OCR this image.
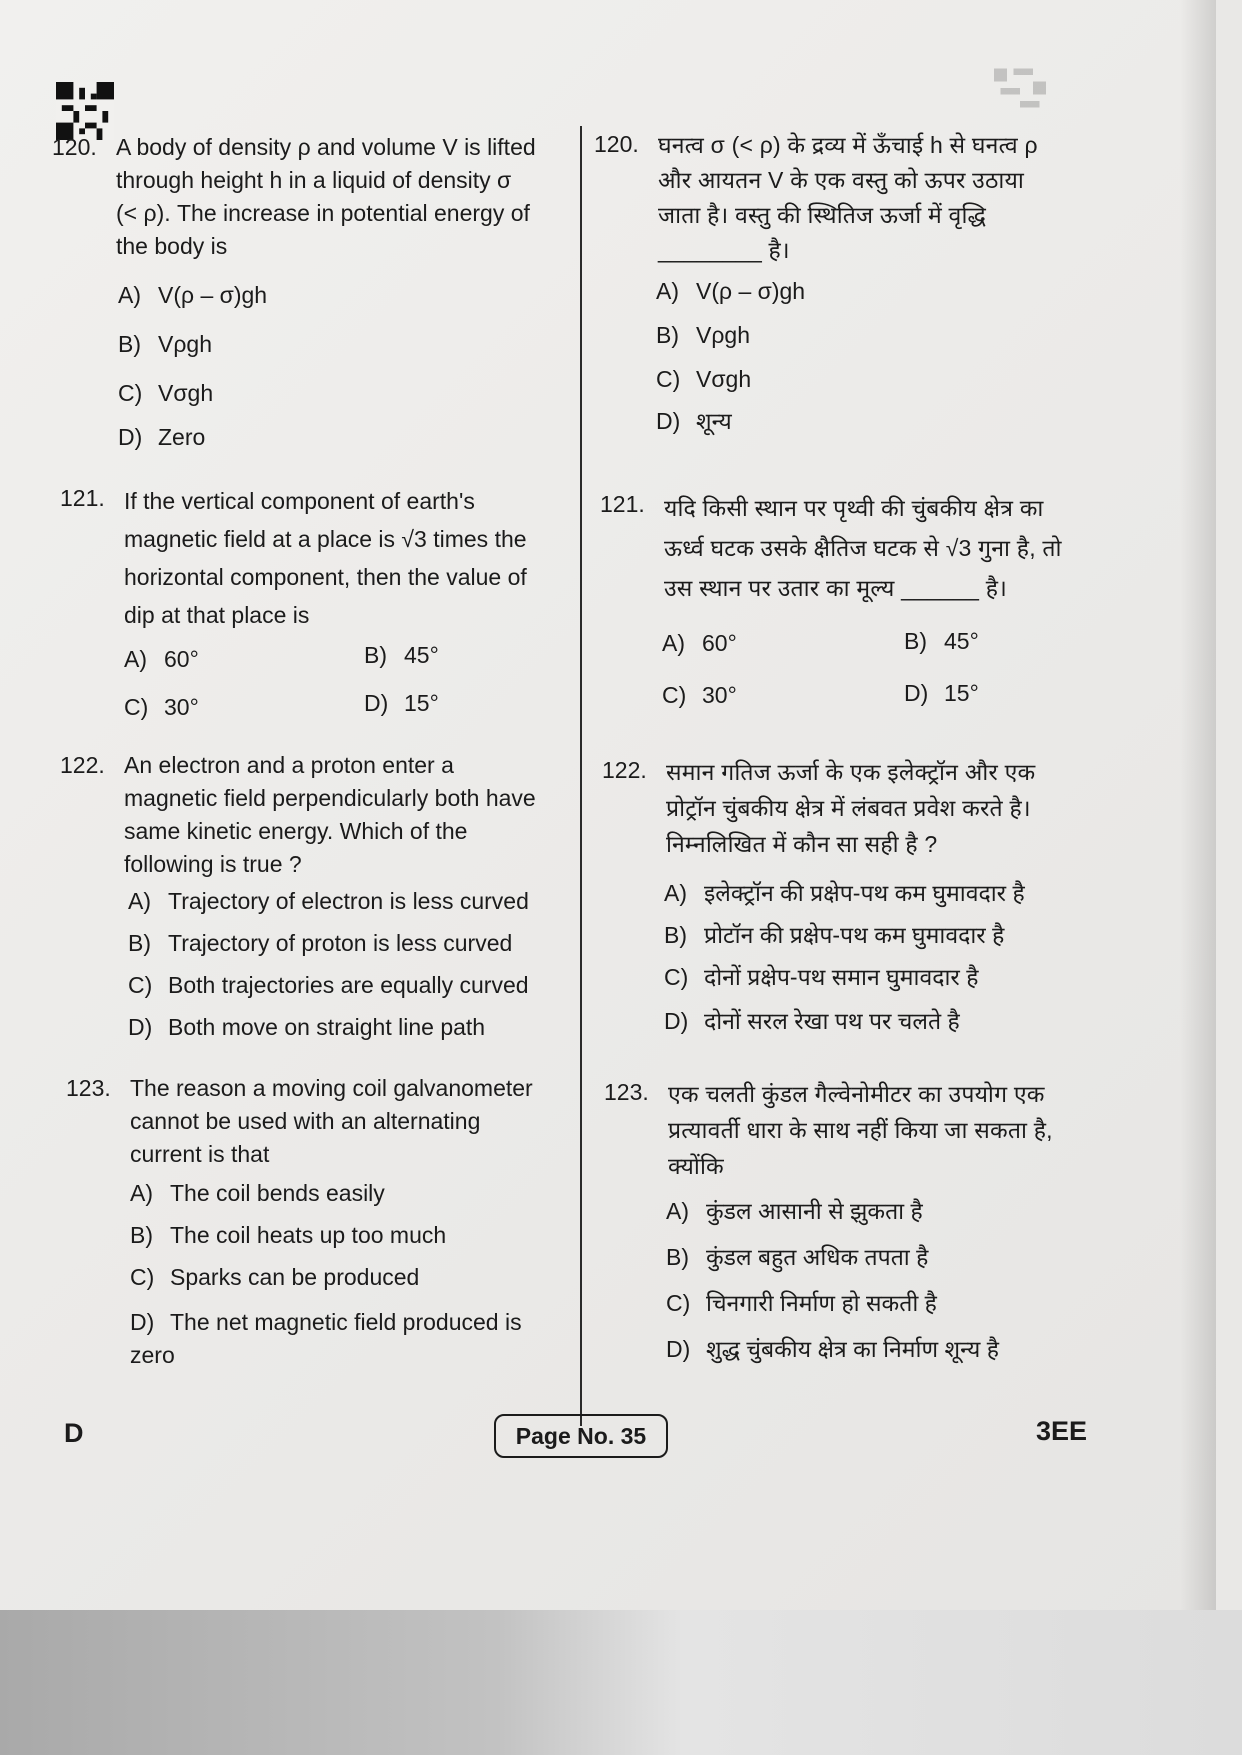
120. A body of density ρ and volume V is lifted through height h in a liquid of density σ (< ρ). The increase in potential energy of the body is
A) V(ρ – σ)gh
B) Vρgh
C) Vσgh
D) Zero
121. If the vertical component of earth's magnetic field at a place is √3 times the horizontal component, then the value of dip at that place is
A) 60°	B) 45°
C) 30°	D) 15°
122. An electron and a proton enter a magnetic field perpendicularly both have same kinetic energy. Which of the following is true ?
A) Trajectory of electron is less curved
B) Trajectory of proton is less curved
C) Both trajectories are equally curved
D) Both move on straight line path
123. The reason a moving coil galvanometer cannot be used with an alternating current is that
A) The coil bends easily
B) The coil heats up too much
C) Sparks can be produced
D) The net magnetic field produced is zero
120. घनत्व σ (< ρ) के द्रव्य में ऊँचाई h से घनत्व ρ और आयतन V के एक वस्तु को ऊपर उठाया जाता है। वस्तु की स्थितिज ऊर्जा में वृद्धि ________ है।
A) V(ρ – σ)gh
B) Vρgh
C) Vσgh
D) शून्य
121. यदि किसी स्थान पर पृथ्वी की चुंबकीय क्षेत्र का ऊर्ध्व घटक उसके क्षैतिज घटक से √3 गुना है, तो उस स्थान पर उतार का मूल्य ______ है।
A) 60°	B) 45°
C) 30°	D) 15°
122. समान गतिज ऊर्जा के एक इलेक्ट्रॉन और एक प्रोट्रॉन चुंबकीय क्षेत्र में लंबवत प्रवेश करते है। निम्नलिखित में कौन सा सही है ?
A) इलेक्ट्रॉन की प्रक्षेप-पथ कम घुमावदार है
B) प्रोटॉन की प्रक्षेप-पथ कम घुमावदार है
C) दोनों प्रक्षेप-पथ समान घुमावदार है
D) दोनों सरल रेखा पथ पर चलते है
123. एक चलती कुंडल गैल्वेनोमीटर का उपयोग एक प्रत्यावर्ती धारा के साथ नहीं किया जा सकता है, क्योंकि
A) कुंडल आसानी से झुकता है
B) कुंडल बहुत अधिक तपता है
C) चिनगारी निर्माण हो सकती है
D) शुद्ध चुंबकीय क्षेत्र का निर्माण शून्य है
D	Page No. 35	3EE
